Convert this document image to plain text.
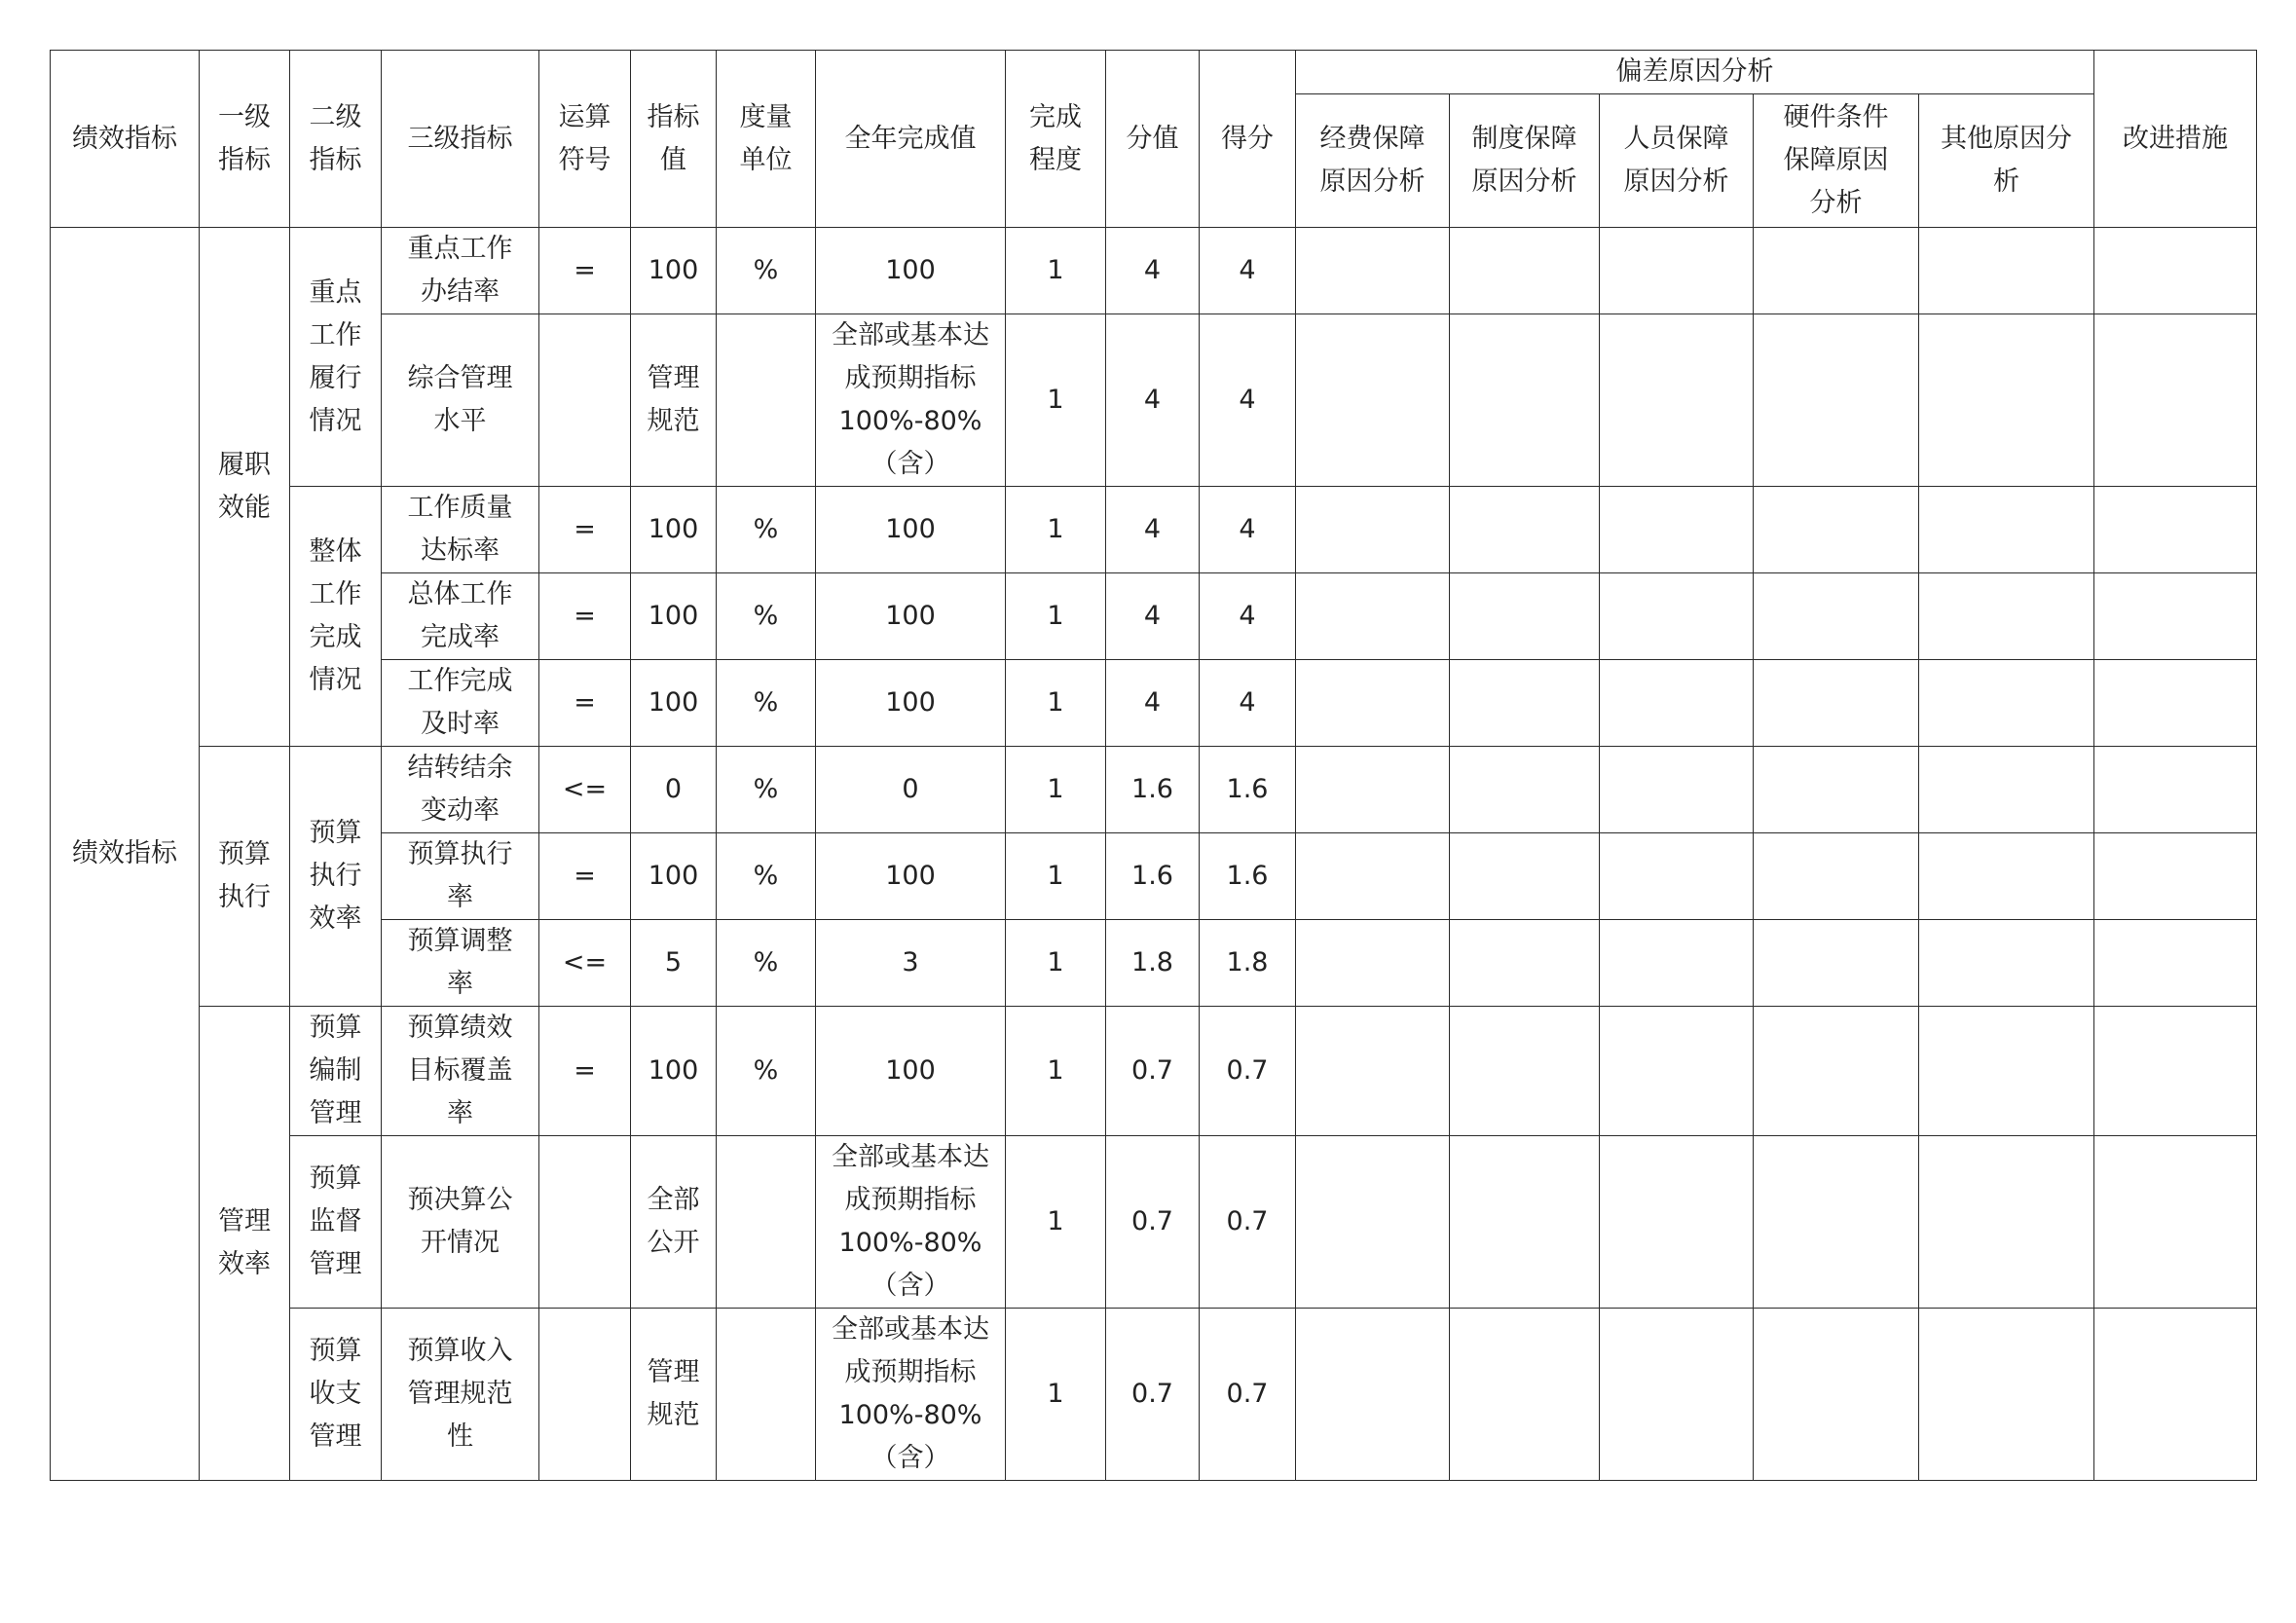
绩效指标	一级指标	二级指标	三级指标	运算符号	指标值	度量单位	全年完成值	完成程度	分值	得分	偏差原因分析					改进措施
											经费保障原因分析	制度保障原因分析	人员保障原因分析	硬件条件保障原因分析	其他原因分析	
绩效指标	履职效能	重点工作履行情况	重点工作办结率	=	100	%	100	1	4	4						
			综合管理水平		管理规范		全部或基本达成预期指标 100%-80%（含）	1	4	4						
		整体工作完成情况	工作质量达标率	=	100	%	100	1	4	4						
			总体工作完成率	=	100	%	100	1	4	4						
			工作完成及时率	=	100	%	100	1	4	4						
	预算执行	预算执行效率	结转结余变动率	<=	0	%	0	1	1.6	1.6						
			预算执行率	=	100	%	100	1	1.6	1.6						
			预算调整率	<=	5	%	3	1	1.8	1.8						
	管理效率	预算编制管理	预算绩效目标覆盖率	=	100	%	100	1	0.7	0.7						
		预算监督管理	预决算公开情况		全部公开		全部或基本达成预期指标 100%-80%（含）	1	0.7	0.7						
		预算收支管理	预算收入管理规范性		管理规范		全部或基本达成预期指标 100%-80%（含）	1	0.7	0.7						
